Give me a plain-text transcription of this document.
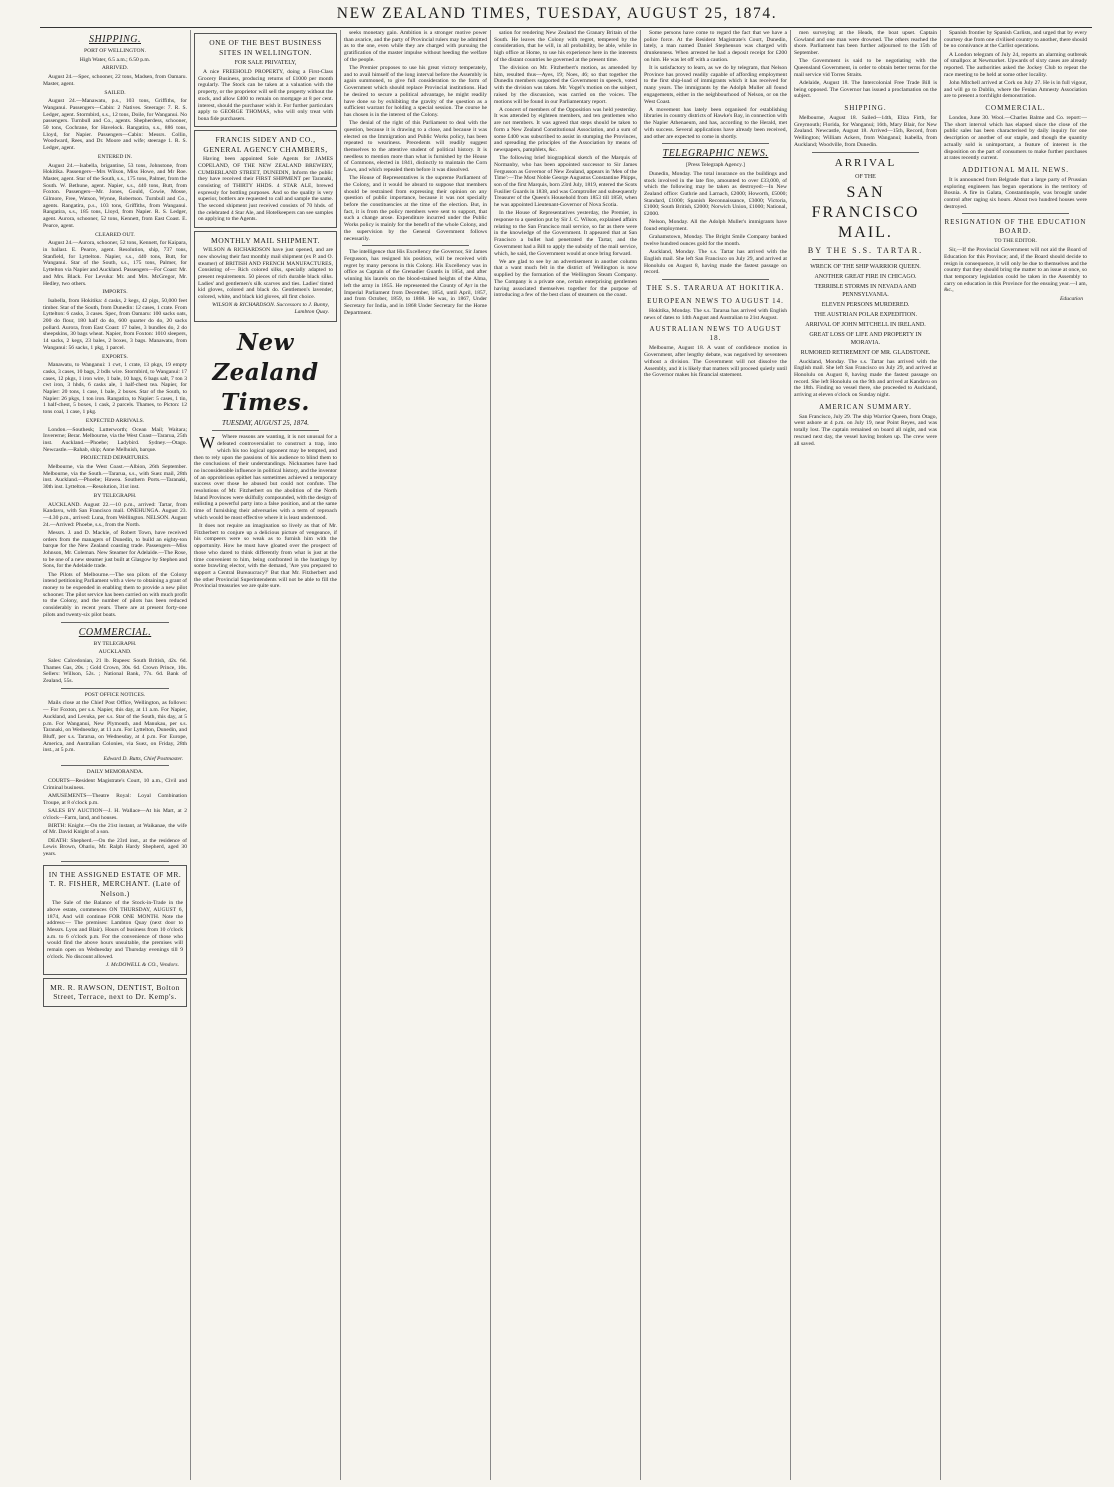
NEW ZEALAND TIMES, TUESDAY, AUGUST 25, 1874.
SHIPPING.
PORT OF WELLINGTON.
High Water, 6.5 a.m.; 6.50 p.m.
ARRIVED.

August 24.—Spec, schooner, 22 tons, Madsen, from Oamaru. Master, agent.

SAILED.

August 24.—Manawatu, p.s., 103 tons, Griffiths, for Wanganui. Passengers—Cabin: 2 Natives. Steerage: 7. R. S. Ledger, agent. Stormbird, s.s., 12 tons, Doile, for Wanganui. No passengers. Turnbull and Co., agents. Shepherdess, schooner, 50 tons, Cochrane, for Havelock. Rangatira, s.s., 886 tons, Lloyd, for Napier. Passengers—Cabin: Messrs. Collin, Woodward, Rees, and Dr. Moore and wife; steerage 1. R. S. Ledger, agent.

ENTERED IN.

August 24.—Isabella, brigantine, 53 tons, Johnstone, from Hokitika. Passengers—Mrs Wilson, Miss Howe, and Mr Roe. Master, agent. Star of the South, s.s., 175 tons, Palmer, from the South. W. Bethune, agent. Napier, s.s., 440 tons, Butt, from Foxton. Passengers—Mr. Jones, Gould, Cowie, Mosse, Gilmore, Free, Watson, Wynne, Robertson. Turnbull and Co., agents. Rangatira, p.s., 103 tons, Griffiths, from Wanganui. Rangatira, s.s., 185 tons, Lloyd, from Napier. R. S. Ledger, agent. Aurora, schooner, 52 tons, Kennett, from East Coast. E. Pearce, agent.

CLEARED OUT.

August 24.—Aurora, schooner, 52 tons, Kennett, for Kaipara, in ballast. E. Pearce, agent. Resolution, ship, 737 tons, Stanfield, for Lyttelton. Napier, s.s., 440 tons, Butt, for Wanganui. Star of the South, s.s., 175 tons, Palmer, for Lyttelton via Napier and Auckland. Passengers—For Coast: Mr. and Mrs. Black. For Levuka: Mr. and Mrs. McGregor, Mr. Hedley, two others.

IMPORTS.

Isabella, from Hokitika: 4 casks, 2 kegs, 42 pigs, 50,000 feet timber. Star of the South, from Dunedin: 12 cases, 1 crate. From Lyttelton: 6 casks, 3 cases. Spec, from Oamaru: 100 sacks oats, 200 do flour, 180 half do do, 600 quarter do do, 20 sacks pollard. Aurora, from East Coast: 17 bales, 3 bundles do, 2 do sheepskins, 30 bags wheat. Napier, from Foxton: 1010 sleepers, 14 sacks, 2 kegs, 23 bales, 2 boxes, 3 bags. Manawatu, from Wanganui: 56 sacks, 1 pkg, 1 parcel.

EXPORTS.

Manawatu, to Wanganui: 1 cwt, 1 crate, 13 pkgs, 19 empty casks, 3 cases, 10 bags, 2 bdls wire. Stormbird, to Wanganui: 17 cases, 12 pkgs, 1 iron wire, 1 bale, 10 bags, 6 bags salt, 7 ton 3 cwt iron, 3 hhds, 6 casks ale, 1 half-chest tea. Napier, for Napier: 20 tons, 1 case, 1 bale, 2 boxes. Star of the South, to Napier: 26 pkgs, 1 ton iron. Rangatira, to Napier: 5 cases, 1 tin, 1 half-chest, 5 boxes, 1 cask, 2 parcels. Thames, to Picton: 12 tons coal, 1 case, 1 pkg.

EXPECTED ARRIVALS.

London.—Southesk; Lutterworth; Ocean Mail; Waitara; Invererne; Berar. Melbourne, via the West Coast—Tararua, 25th inst. Auckland.—Phoebe; Ladybird. Sydney.—Otago. Newcastle.—Rahab, ship; Anne Melhuish, barque.

PROJECTED DEPARTURES.

Melbourne, via the West Coast.—Albion, 26th September. Melbourne, via the South.—Tararua, s.s., with Suez mail, 28th inst. Auckland.—Phoebe; Hawea. Southern Ports.—Taranaki, 30th inst. Lyttelton.—Resolution, 31st inst.

BY TELEGRAPH.

AUCKLAND. August 22.—10 p.m., arrived: Tartar, from Kandavu, with San Francisco mail. ONEHUNGA. August 23.—4.30 p.m., arrived: Luna, from Wellington. NELSON. August 24.—Arrived: Phoebe, s.s., from the North.

Messrs. J. and D. Mackie, of Robert Town, have received orders from the managers of Dunedin, to build an eighty-ton barque for the New Zealand coasting trade. Passengers—Miss Johnson, Mr. Coleman. New Steamer for Adelaide.—The Rose, to be one of a new steamer just built at Glasgow by Stephen and Sons, for the Adelaide trade.

The Pilots of Melbourne.—The sea pilots of the Colony intend petitioning Parliament with a view to obtaining a grant of money to be expended in enabling them to provide a new pilot schooner. The pilot service has been carried on with much profit to the Colony, and the number of pilots has been reduced considerably in recent years. There are at present forty-one pilots and twenty-six pilot boats.

COMMERCIAL.
BY TELEGRAPH.
AUCKLAND.

Sales: Calcedonian, 21 lb. Rupees: South British, 42s. 6d. Thames Gas, 20s. ; Gold Crown, 30s. 6d. Crown Prince, 10s. Sellers: Willson, 52s. ; National Bank, 77s. 6d. Bank of Zealand, 55s.

POST OFFICE NOTICES.

Mails close at the Chief Post Office, Wellington, as follows:— For Foxton, per s.s. Napier, this day, at 11 a.m. For Napier, Auckland, and Levuka, per s.s. Star of the South, this day, at 5 p.m. For Wanganui, New Plymouth, and Manukau, per s.s. Taranaki, on Wednesday, at 11 a.m. For Lyttelton, Dunedin, and Bluff, per s.s. Tararua, on Wednesday, at 4 p.m. For Europe, America, and Australian Colonies, via Suez, on Friday, 28th inst., at 5 p.m.

Edward D. Butts, Chief Postmaster.
DAILY MEMORANDA.

COURTS—Resident Magistrate's Court, 10 a.m., Civil and Criminal business.

AMUSEMENTS—Theatre Royal: Loyal Combination Troupe, at 8 o'clock p.m.

SALES BY AUCTION—J. H. Wallace—At his Mart, at 2 o'clock—Farm, land, and houses.

BIRTH: Knight.—On the 21st instant, at Waikanae, the wife of Mr. David Knight of a son.

DEATH: Shepherd.—On the 23rd inst., at the residence of Lewis Brown, Ohariu, Mr. Ralph Hardy Shepherd, aged 30 years.

IN THE ASSIGNED ESTATE OF MR. T. R. FISHER, MERCHANT. (Late of Nelson.)

The Sale of the Balance of the Stock-in-Trade in the above estate, commences ON THURSDAY, AUGUST 6, 1874, And will continue FOR ONE MONTH. Note the address:— The premises: Lambton Quay (next door to Messrs. Lyon and Blair). Hours of business from 10 o'clock a.m. to 6 o'clock p.m. For the convenience of those who would find the above hours unsuitable, the premises will remain open on Wednesday and Thursday evenings till 9 o'clock. No discount allowed.

J. McDOWELL & CO., Vendors.
MR. R. RAWSON, DENTIST, Bolton Street, Terrace, next to Dr. Kemp's.
ONE OF THE BEST BUSINESS SITES IN WELLINGTON.
FOR SALE PRIVATELY,

A nice FREEHOLD PROPERTY, doing a First-Class Grocery Business, producing returns of £1000 per month regularly. The Stock can be taken at a valuation with the property, or the proprietor will sell the property without the stock, and allow £400 to remain on mortgage at 8 per cent. interest, should the purchaser wish it. For further particulars apply to GEORGE THOMAS, who will only treat with bona fide purchasers.

FRANCIS SIDEY AND CO., GENERAL AGENCY CHAMBERS,

Having been appointed Sole Agents for JAMES COPELAND, OF THE NEW ZEALAND BREWERY, CUMBERLAND STREET, DUNEDIN, Inform the public they have received their FIRST SHIPMENT per Taranaki, consisting of THIRTY HHDS. 4 STAR ALE, brewed expressly for bottling purposes. And so the quality is very superior, bottlers are requested to call and sample the same. The second shipment just received consists of 70 hhds. of the celebrated 4 Star Ale, and Hotelkeepers can see samples on applying to the Agents.

MONTHLY MAIL SHIPMENT.

WILSON & RICHARDSON have just opened, and are now showing their fast monthly mail shipment (ex P. and O. steamer) of BRITISH AND FRENCH MANUFACTURES, Consisting of— Rich colored silks, specially adapted to present requirements. 50 pieces of rich durable black silks. Ladies' and gentlemen's silk scarves and ties. Ladies' tinted kid gloves, colored and black do. Gentlemen's lavender, colored, white, and black kid gloves, all first choice.

WILSON & RICHARDSON. Successors to J. Bunny, Lambton Quay.
New Zealand Times.
TUESDAY, AUGUST 25, 1874.

W Where reasons are wanting, it is not unusual for a defeated controversialist to construct a trap, into which his too logical opponent may be tempted, and then to rely upon the passions of his audience to blind them to the conclusions of their understandings. Nicknames have had no inconsiderable influence in political history, and the inventor of an opprobrious epithet has sometimes achieved a temporary success over those he abused but could not confute. The resolutions of Mr. Fitzherbert on the abolition of the North Island Provinces were skilfully compounded, with the design of enlisting a powerful party into a false position, and at the same time of furnishing their adversaries with a term of reproach which would be most effective where it is least understood.

It does not require an imagination so lively as that of Mr. Fitzherbert to conjure up a delicious picture of vengeance, if his compeers were so weak as to furnish him with the opportunity. How he must have gloated over the prospect of those who dared to think differently from what is just at the time convenient to him, being confronted in the hustings by some brawling elector, with the demand, 'Are you prepared to support a Central Bureaucracy?' But that Mr. Fitzherbert and the other Provincial Superintendents will not be able to fill the Provincial treasuries we are quite sure.

seeks monetary gain. Ambition is a stronger motive power than avarice, and the party of Provincial rulers may be admitted as to the one, even while they are charged with pursuing the gratification of the master impulse without heeding the welfare of the people.

The Premier proposes to use his great victory temperately, and to avail himself of the long interval before the Assembly is again summoned, to give full consideration to the form of Government which should replace Provincial institutions. Had he desired to secure a political advantage, he might readily have done so by exhibiting the gravity of the question as a sufficient warrant for holding a special session. The course he has chosen is in the interest of the Colony.

The denial of the right of this Parliament to deal with the question, because it is drawing to a close, and because it was elected on the Immigration and Public Works policy, has been repeated to weariness. Precedents will readily suggest themselves to the attentive student of political history. It is needless to mention more than what is furnished by the House of Commons, elected in 1841, distinctly to maintain the Corn Laws, and which repealed them before it was dissolved.

The House of Representatives is the supreme Parliament of the Colony, and it would be absurd to suppose that members should be restrained from expressing their opinion on any question of public importance, because it was not specially before the constituencies at the time of the election. But, in fact, it is from the policy members were sent to support, that such a change arose. Expenditure incurred under the Public Works policy is mainly for the benefit of the whole Colony, and the supervision by the General Government follows necessarily.

The intelligence that His Excellency the Governor, Sir James Fergusson, has resigned his position, will be received with regret by many persons in this Colony. His Excellency was in office as Captain of the Grenadier Guards in 1854, and after winning his laurels on the blood-stained heights of the Alma, left the army in 1855. He represented the County of Ayr in the Imperial Parliament from December, 1854, until April, 1857, and from October, 1859, to 1868. He was, in 1867, Under Secretary for India, and in 1868 Under Secretary for the Home Department.

sation for rendering New Zealand the Granary Britain of the South. He leaves the Colony with regret, tempered by the consideration, that he will, in all probability, be able, while in high office at Home, to use his experience here in the interests of the distant countries he governed at the present time.

The division on Mr. Fitzherbert's motion, as amended by him, resulted thus—Ayes, 19; Noes, 46; so that together the Dunedin members supported the Government in speech, voted with the division was taken. Mr. Vogel's motion on the subject, raised by the discussion, was carried on the voices. The motions will be found in our Parliamentary report.

A concert of members of the Opposition was held yesterday. It was attended by eighteen members, and ten gentlemen who are not members. It was agreed that steps should be taken to form a New Zealand Constitutional Association, and a sum of some £400 was subscribed to assist in stumping the Provinces, and spreading the principles of the Association by means of newspapers, pamphlets, &c.

The following brief biographical sketch of the Marquis of Normanby, who has been appointed successor to Sir James Fergusson as Governor of New Zealand, appears in 'Men of the Time':—The Most Noble George Augustus Constantine Phipps, son of the first Marquis, born 23rd July, 1819, entered the Scots Fusilier Guards in 1838, and was Comptroller and subsequently Treasurer of the Queen's Household from 1853 till 1858, when he was appointed Lieutenant-Governor of Nova Scotia.

In the House of Representatives yesterday, the Premier, in response to a question put by Sir J. C. Wilson, explained affairs relating to the San Francisco mail service, so far as there were in the knowledge of the Government. It appeared that at San Francisco a bullet had penetrated the Tartar, and the Government had a Bill to apply the subsidy of the mail service, which, he said, the Government would at once bring forward.

We are glad to see by an advertisement in another column that a want much felt in the district of Wellington is now supplied by the formation of the Wellington Steam Company. The Company is a private one, certain enterprising gentlemen having associated themselves together for the purpose of introducing a few of the best class of steamers on the coast.

Some persons have come to regard the fact that we have a police force. At the Resident Magistrate's Court, Dunedin, lately, a man named Daniel Stephenson was charged with drunkenness. When arrested he had a deposit receipt for £200 on him. He was let off with a caution.

It is satisfactory to learn, as we do by telegram, that Nelson Province has proved readily capable of affording employment to the first ship-load of immigrants which it has received for many years. The immigrants by the Adolph Muller all found engagements, either in the neighbourhood of Nelson, or on the West Coast.

A movement has lately been organised for establishing libraries in country districts of Hawke's Bay, in connection with the Napier Athenaeum, and has, according to the Herald, met with success. Several applications have already been received, and other are expected to come in shortly.

TELEGRAPHIC NEWS.
[Press Telegraph Agency.]

Dunedin, Monday. The total insurance on the buildings and stock involved in the late fire, amounted to over £33,000, of which the following may be taken as destroyed:—In New Zealand office: Guthrie and Larnach, £2000; Howorth, £5000; Standard, £1000; Spanish Reconnaissance, £3000; Victoria, £1000; South British, £2000; Norwich Union, £1000; National, £2000.

Nelson, Monday. All the Adolph Muller's immigrants have found employment.

Grahamstown, Monday. The Bright Smile Company banked twelve hundred ounces gold for the month.

Auckland, Monday. The s.s. Tartar has arrived with the English mail. She left San Francisco on July 29, and arrived at Honolulu on August 8, having made the fastest passage on record.

THE S.S. TARARUA AT HOKITIKA.
EUROPEAN NEWS TO AUGUST 14.

Hokitika, Monday. The s.s. Tararua has arrived with English news of dates to 14th August and Australian to 21st August.

AUSTRALIAN NEWS TO AUGUST 18.

Melbourne, August 18. A want of confidence motion in Government, after lengthy debate, was negatived by seventeen without a division. The Government will not dissolve the Assembly, and it is likely that matters will proceed quietly until the Governor makes his financial statement.

men surveying at the Heads, the boat upset. Captain Gowland and one man were drowned. The others reached the shore. Parliament has been further adjourned to the 15th of September.

The Government is said to be negotiating with the Queensland Government, in order to obtain better terms for the mail service vid Torres Straits.

Adelaide, August 18. The Intercolonial Free Trade Bill is being opposed. The Governor has issued a proclamation on the subject.

SHIPPING.

Melbourne, August 18. Sailed—14th, Eliza Firth, for Greymouth; Florida, for Wanganui; 16th, Mary Blair, for New Zealand. Newcastle, August 18. Arrived—15th, Record, from Wellington; William Ackers, from Wanganui; Isabella, from Auckland; Woodville, from Dunedin.

ARRIVAL
OF THE
SAN FRANCISCO MAIL.
BY THE S.S. TARTAR.
WRECK OF THE SHIP WARRIOR QUEEN.
ANOTHER GREAT FIRE IN CHICAGO.
TERRIBLE STORMS IN NEVADA AND PENNSYLVANIA.
ELEVEN PERSONS MURDERED.
THE AUSTRIAN POLAR EXPEDITION.
ARRIVAL OF JOHN MITCHELL IN IRELAND.
GREAT LOSS OF LIFE AND PROPERTY IN MORAVIA.
RUMORED RETIREMENT OF MR. GLADSTONE.

Auckland, Monday. The s.s. Tartar has arrived with the English mail. She left San Francisco on July 29, and arrived at Honolulu on August 8, having made the fastest passage on record. She left Honolulu on the 9th and arrived at Kandavu on the 18th. Finding no vessel there, she proceeded to Auckland, arriving at eleven o'clock on Sunday night.

AMERICAN SUMMARY.

San Francisco, July 29. The ship Warrior Queen, from Otago, went ashore at 4 p.m. on July 19, near Point Reyes, and was totally lost. The captain remained on board all night, and was rescued next day, the vessel having broken up. The crew were all saved.

Spanish frontier by Spanish Carlists, and urged that by every courtesy due from one civilised country to another, there should be no connivance at the Carlist operations.

A London telegram of July 24, reports an alarming outbreak of smallpox at Newmarket. Upwards of sixty cases are already reported. The authorities asked the Jockey Club to repeat the race meeting to be held at some other locality.

John Mitchell arrived at Cork on July 27. He is in full vigour, and will go to Dublin, where the Fenian Amnesty Association are to present a torchlight demonstration.

COMMERCIAL.

London, June 30. Wool.—Charles Balme and Co. report:— The short interval which has elapsed since the close of the public sales has been characterised by daily inquiry for one description or another of our staple, and though the quantity actually sold is unimportant, a feature of interest is the disposition on the part of consumers to make further purchases at rates recently current.

ADDITIONAL MAIL NEWS.

It is announced from Belgrade that a large party of Prussian exploring engineers has begun operations in the territory of Bosnia. A fire in Galata, Constantinople, was brought under control after raging six hours. About two hundred houses were destroyed.

RESIGNATION OF THE EDUCATION BOARD.
TO THE EDITOR.

Sir,—If the Provincial Government will not aid the Board of Education for this Province; and, if the Board should decide to resign in consequence, it will only be due to themselves and the country that they should bring the matter to an issue at once, so that temporary legislation could be taken in the Assembly to carry on education in this Province for the ensuing year.—I am, &c.,

Education
